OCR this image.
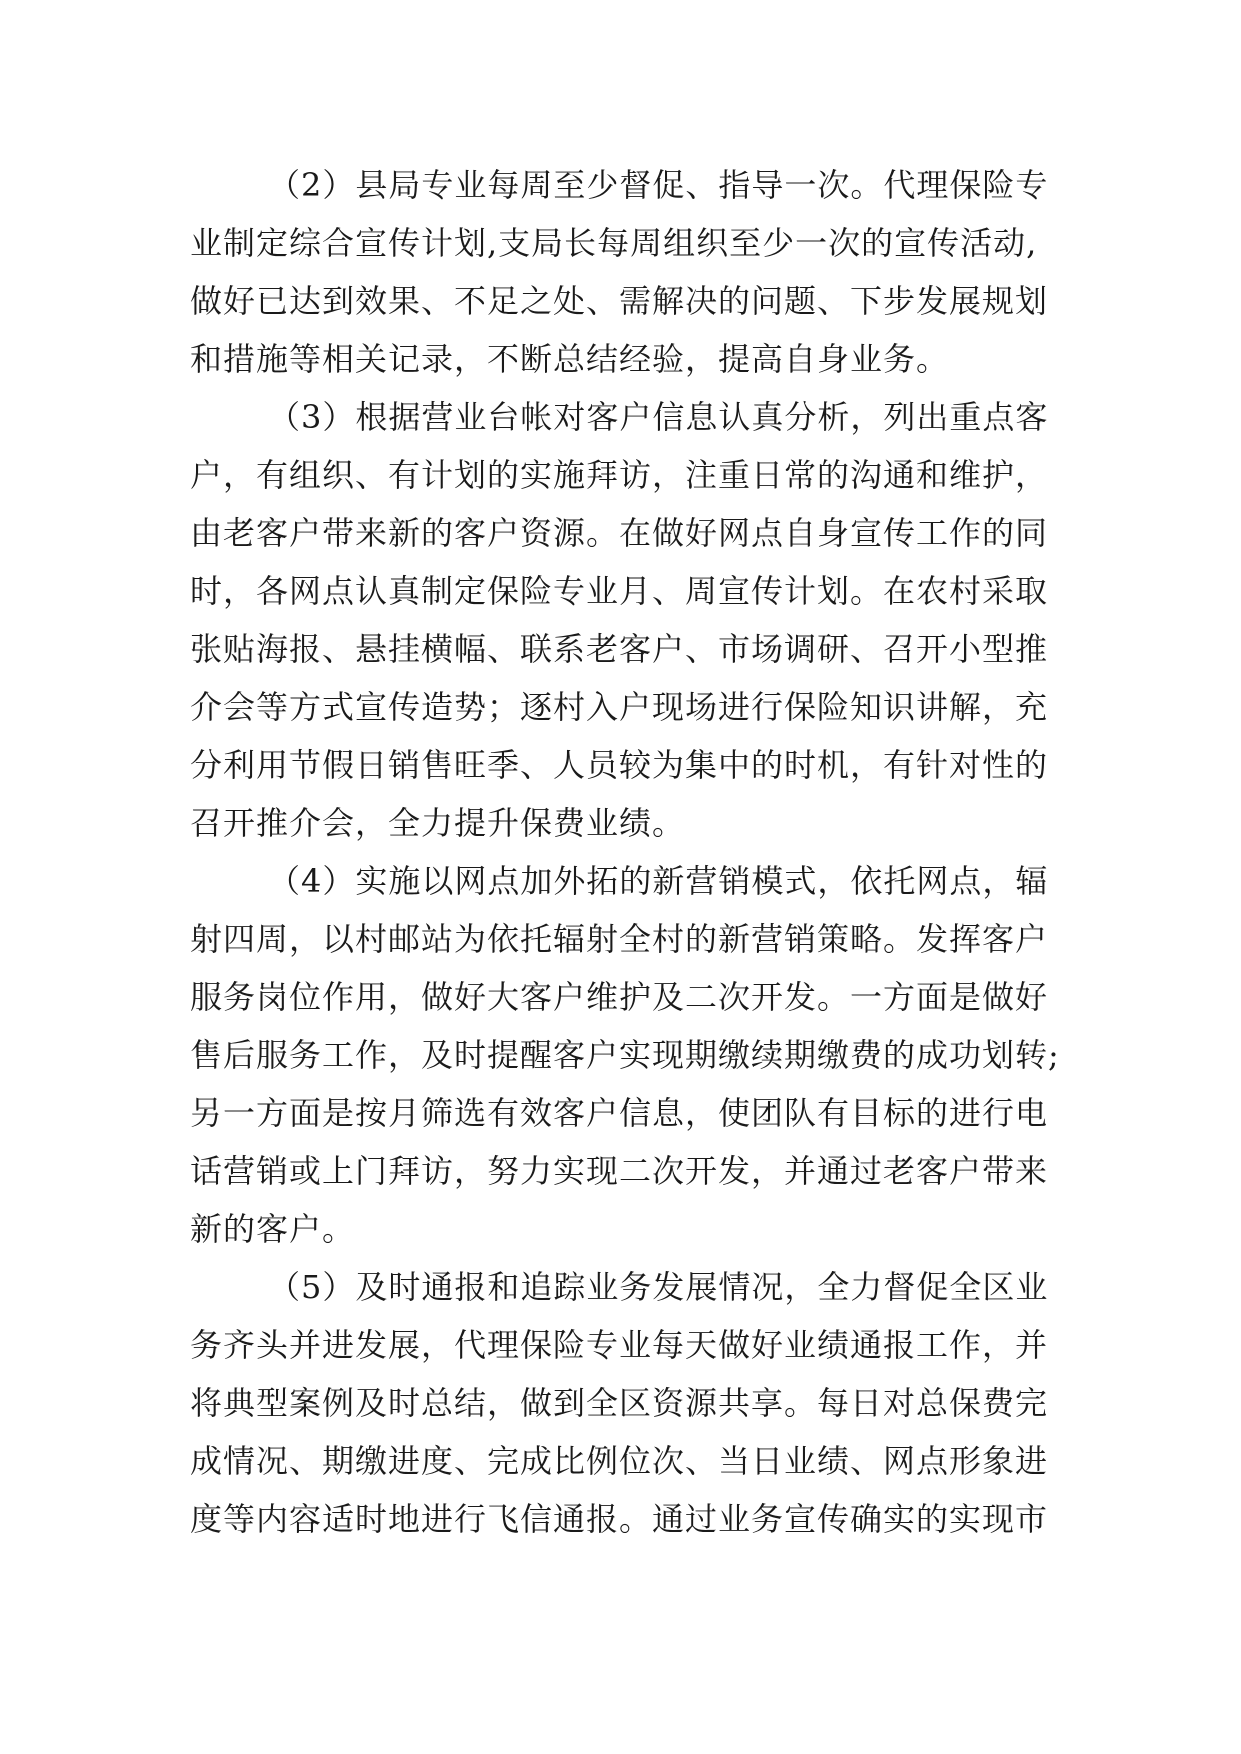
（2）县局专业每周至少督促、指导一次。代理保险专
业制定综合宣传计划,支局长每周组织至少一次的宣传活动,
做好已达到效果、不足之处、需解决的问题、下步发展规划
和措施等相关记录，不断总结经验，提高自身业务。
（3）根据营业台帐对客户信息认真分析，列出重点客
户，有组织、有计划的实施拜访，注重日常的沟通和维护，
由老客户带来新的客户资源。在做好网点自身宣传工作的同
时，各网点认真制定保险专业月、周宣传计划。在农村采取
张贴海报、悬挂横幅、联系老客户、市场调研、召开小型推
介会等方式宣传造势；逐村入户现场进行保险知识讲解，充
分利用节假日销售旺季、人员较为集中的时机，有针对性的
召开推介会，全力提升保费业绩。
（4）实施以网点加外拓的新营销模式，依托网点，辐
射四周，以村邮站为依托辐射全村的新营销策略。发挥客户
服务岗位作用，做好大客户维护及二次开发。一方面是做好
售后服务工作，及时提醒客户实现期缴续期缴费的成功划转;
另一方面是按月筛选有效客户信息，使团队有目标的进行电
话营销或上门拜访，努力实现二次开发，并通过老客户带来
新的客户。
（5）及时通报和追踪业务发展情况，全力督促全区业
务齐头并进发展，代理保险专业每天做好业绩通报工作，并
将典型案例及时总结，做到全区资源共享。每日对总保费完
成情况、期缴进度、完成比例位次、当日业绩、网点形象进
度等内容适时地进行飞信通报。通过业务宣传确实的实现市
